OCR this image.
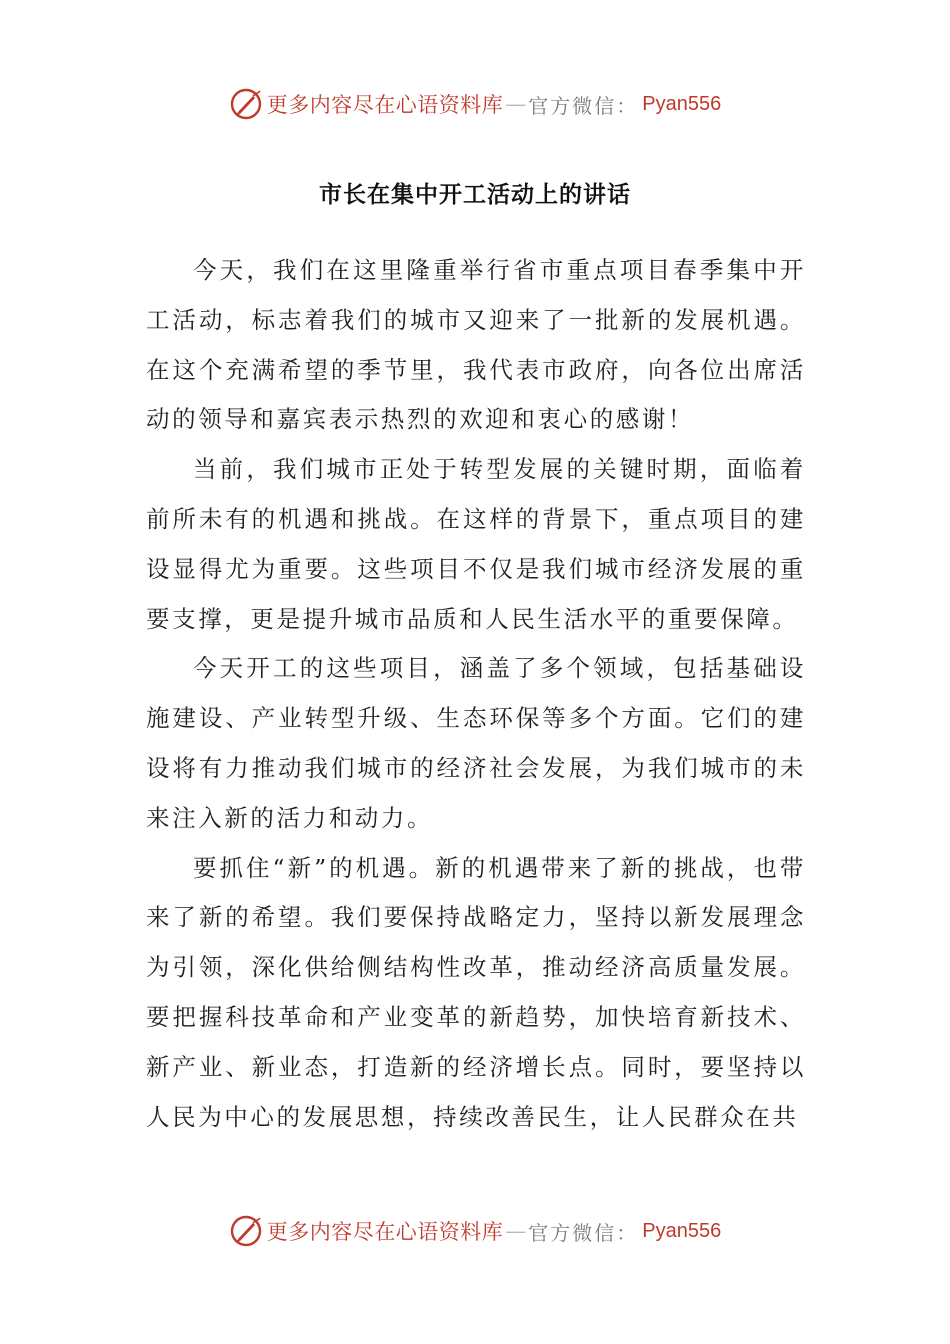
更多内容尽在心语资料库 — 官方微信： Pyan556
市长在集中开工活动上的讲话

今天，我们在这里隆重举行省市重点项目春季集中开工活动，标志着我们的城市又迎来了一批新的发展机遇。在这个充满希望的季节里，我代表市政府，向各位出席活动的领导和嘉宾表示热烈的欢迎和衷心的感谢！

当前，我们城市正处于转型发展的关键时期，面临着前所未有的机遇和挑战。在这样的背景下，重点项目的建设显得尤为重要。这些项目不仅是我们城市经济发展的重要支撑，更是提升城市品质和人民生活水平的重要保障。

今天开工的这些项目，涵盖了多个领域，包括基础设施建设、产业转型升级、生态环保等多个方面。它们的建设将有力推动我们城市的经济社会发展，为我们城市的未来注入新的活力和动力。

要抓住“新”的机遇。新的机遇带来了新的挑战，也带来了新的希望。我们要保持战略定力，坚持以新发展理念为引领，深化供给侧结构性改革，推动经济高质量发展。要把握科技革命和产业变革的新趋势，加快培育新技术、新产业、新业态，打造新的经济增长点。同时，要坚持以人民为中心的发展思想，持续改善民生，让人民群众在共

更多内容尽在心语资料库 — 官方微信： Pyan556
